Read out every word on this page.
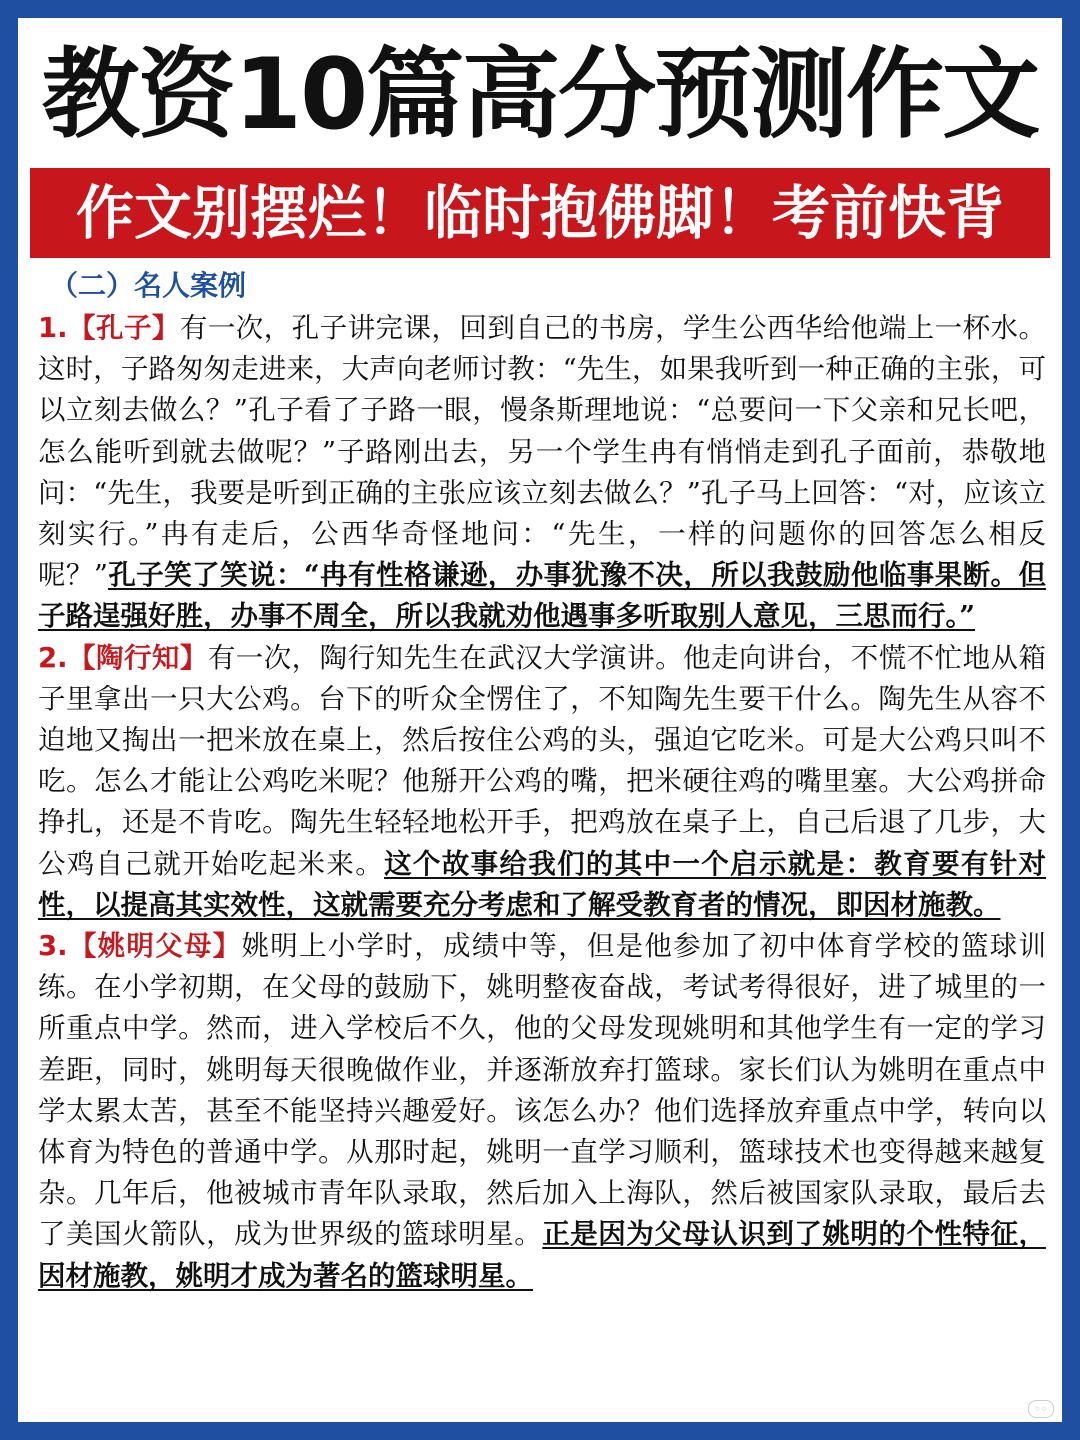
教资10篇高分预测作文
作文别摆烂！临时抱佛脚！考前快背
（二）名人案例

1.【孔子】有一次，孔子讲完课，回到自己的书房，学生公西华给他端上一杯水。这时，子路匆匆走进来，大声向老师讨教：“先生，如果我听到一种正确的主张，可以立刻去做么？”孔子看了子路一眼，慢条斯理地说：“总要问一下父亲和兄长吧，怎么能听到就去做呢？”子路刚出去，另一个学生冉有悄悄走到孔子面前，恭敬地问：“先生，我要是听到正确的主张应该立刻去做么？”孔子马上回答：“对，应该立刻实行。”冉有走后，公西华奇怪地问：“先生，一样的问题你的回答怎么相反呢？”孔子笑了笑说：“冉有性格谦逊，办事犹豫不决，所以我鼓励他临事果断。但子路逞强好胜，办事不周全，所以我就劝他遇事多听取别人意见，三思而行。”

2.【陶行知】有一次，陶行知先生在武汉大学演讲。他走向讲台，不慌不忙地从箱子里拿出一只大公鸡。台下的听众全愣住了，不知陶先生要干什么。陶先生从容不迫地又掏出一把米放在桌上，然后按住公鸡的头，强迫它吃米。可是大公鸡只叫不吃。怎么才能让公鸡吃米呢？他掰开公鸡的嘴，把米硬往鸡的嘴里塞。大公鸡拼命挣扎，还是不肯吃。陶先生轻轻地松开手，把鸡放在桌子上，自己后退了几步，大公鸡自己就开始吃起米来。这个故事给我们的其中一个启示就是：教育要有针对性，以提高其实效性，这就需要充分考虑和了解受教育者的情况，即因材施教。

3.【姚明父母】姚明上小学时，成绩中等，但是他参加了初中体育学校的篮球训练。在小学初期，在父母的鼓励下，姚明整夜奋战，考试考得很好，进了城里的一所重点中学。然而，进入学校后不久，他的父母发现姚明和其他学生有一定的学习差距，同时，姚明每天很晚做作业，并逐渐放弃打篮球。家长们认为姚明在重点中学太累太苦，甚至不能坚持兴趣爱好。该怎么办？他们选择放弃重点中学，转向以体育为特色的普通中学。从那时起，姚明一直学习顺利，篮球技术也变得越来越复杂。几年后，他被城市青年队录取，然后加入上海队，然后被国家队录取，最后去了美国火箭队，成为世界级的篮球明星。正是因为父母认识到了姚明的个性特征，因材施教，姚明才成为著名的篮球明星。

◦◦
